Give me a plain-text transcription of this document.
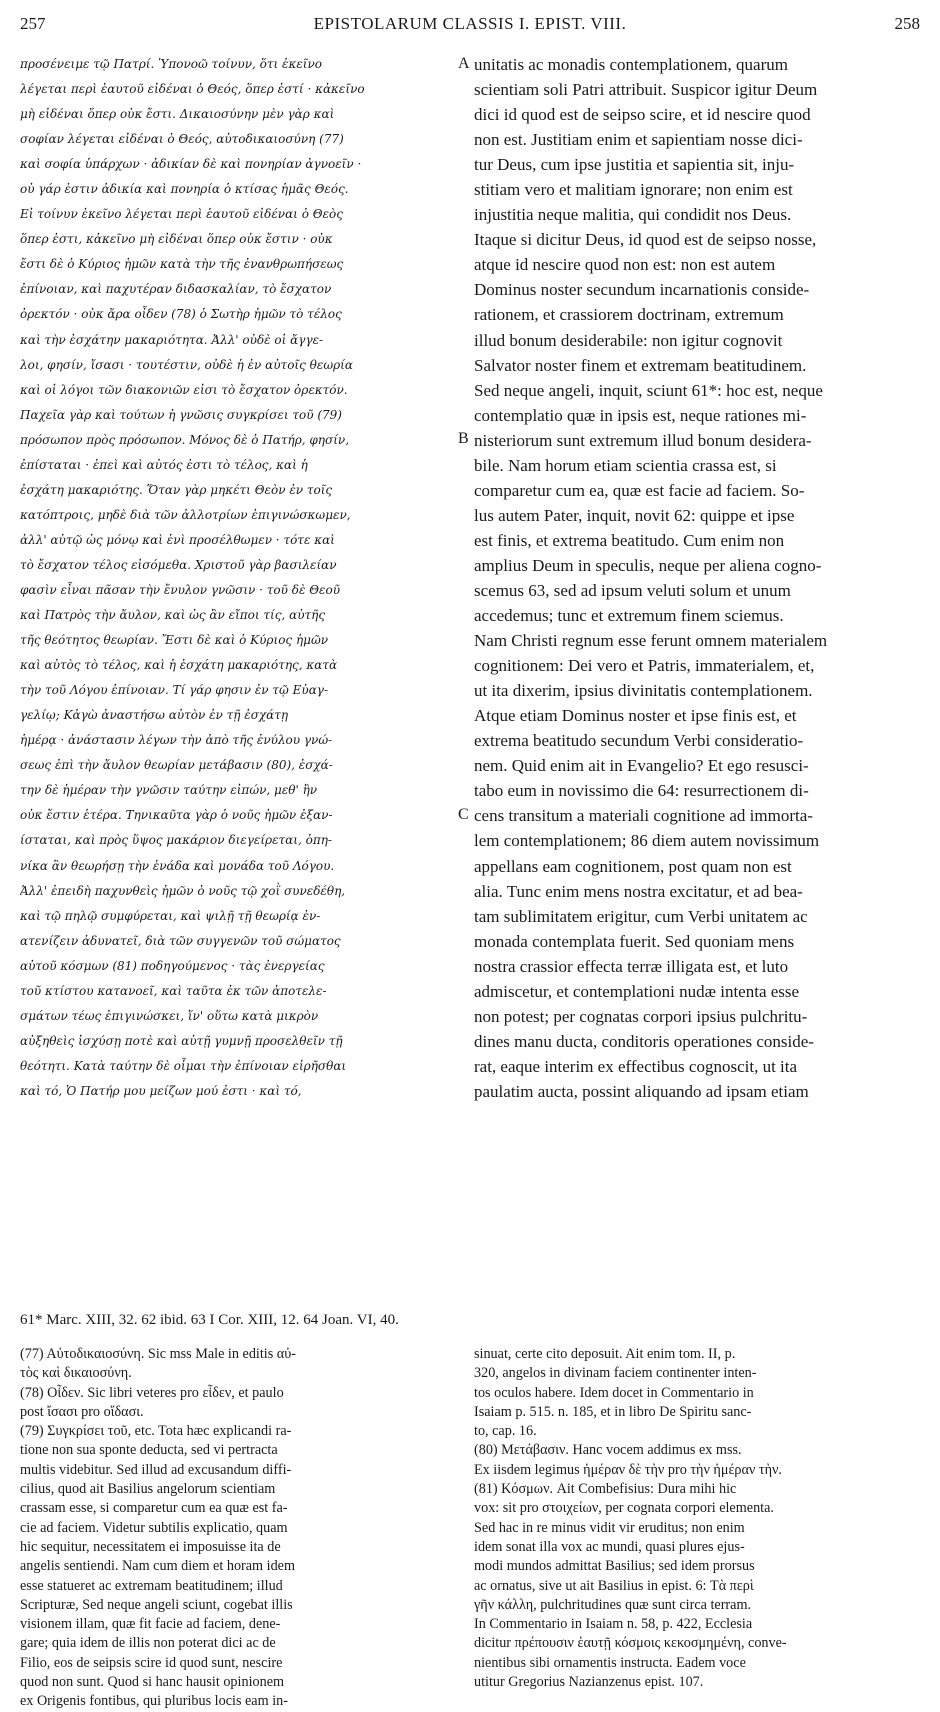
257	EPISTOLARUM CLASSIS I. EPIST. VIII.	258
προσένειμε τῷ Πατρί. Ὑπονοῶ τοίνυν, ὅτι ἐκεῖνο
λέγεται περὶ ἑαυτοῦ εἰδέναι ὁ Θεός, ὅπερ ἐστί · κἀκεῖνο
μὴ εἰδέναι ὅπερ οὐκ ἔστι. Δικαιοσύνην μὲν γὰρ καὶ
σοφίαν λέγεται εἰδέναι ὁ Θεός, αὐτοδικαιοσύνη (77)
καὶ σοφία ὑπάρχων · ἀδικίαν δὲ καὶ πονηρίαν ἀγνοεῖν ·
οὐ γάρ ἐστιν ἀδικία καὶ πονηρία ὁ κτίσας ἡμᾶς Θεός.
Εἰ τοίνυν ἐκεῖνο λέγεται περὶ ἑαυτοῦ εἰδέναι ὁ Θεὸς
ὅπερ ἐστι, κἀκεῖνο μὴ εἰδέναι ὅπερ οὐκ ἔστιν · οὐκ
ἔστι δὲ ὁ Κύριος ἡμῶν κατὰ τὴν τῆς ἐνανθρωπήσεως
ἐπίνοιαν, καὶ παχυτέραν διδασκαλίαν, τὸ ἔσχατον
ὀρεκτόν · οὐκ ἄρα οἶδεν (78) ὁ Σωτὴρ ἡμῶν τὸ τέλος
καὶ τὴν ἐσχάτην μακαριότητα. Ἀλλ' οὐδὲ οἱ ἄγγε-
λοι, φησίν, ἴσασι · τουτέστιν, οὐδὲ ἡ ἐν αὐτοῖς θεωρία
καὶ οἱ λόγοι τῶν διακονιῶν εἰσι τὸ ἔσχατον ὀρεκτόν.
Παχεῖα γὰρ καὶ τούτων ἡ γνῶσις συγκρίσει τοῦ (79)
πρόσωπον πρὸς πρόσωπον. Μόνος δὲ ὁ Πατήρ, φησίν,
ἐπίσταται · ἐπεὶ καὶ αὐτός ἐστι τὸ τέλος, καὶ ἡ
ἐσχάτη μακαριότης. Ὅταν γὰρ μηκέτι Θεὸν ἐν τοῖς
κατόπτροις, μηδὲ διὰ τῶν ἀλλοτρίων ἐπιγινώσκωμεν,
ἀλλ' αὐτῷ ὡς μόνῳ καὶ ἑνὶ προσέλθωμεν · τότε καὶ
τὸ ἔσχατον τέλος εἰσόμεθα. Χριστοῦ γὰρ βασιλείαν
φασὶν εἶναι πᾶσαν τὴν ἔνυλον γνῶσιν · τοῦ δὲ Θεοῦ
καὶ Πατρὸς τὴν ἄυλον, καὶ ὡς ἂν εἴποι τίς, αὐτῆς
τῆς θεότητος θεωρίαν. Ἔστι δὲ καὶ ὁ Κύριος ἡμῶν
καὶ αὐτὸς τὸ τέλος, καὶ ἡ ἐσχάτη μακαριότης, κατὰ
τὴν τοῦ Λόγου ἐπίνοιαν. Τί γάρ φησιν ἐν τῷ Εὐαγ-
γελίῳ; Κἀγὼ ἀναστήσω αὐτὸν ἐν τῇ ἐσχάτῃ
ἡμέρᾳ · ἀνάστασιν λέγων τὴν ἀπὸ τῆς ἐνύλου γνώ-
σεως ἐπὶ τὴν ἄυλον θεωρίαν μετάβασιν (80), ἐσχά-
την δὲ ἡμέραν τὴν γνῶσιν ταύτην εἰπών, μεθ' ἣν
οὐκ ἔστιν ἑτέρα. Τηνικαῦτα γὰρ ὁ νοῦς ἡμῶν ἐξαν-
ίσταται, καὶ πρὸς ὕψος μακάριον διεγείρεται, ὁπη-
νίκα ἂν θεωρήσῃ τὴν ἑνάδα καὶ μονάδα τοῦ Λόγου.
Ἀλλ' ἐπειδὴ παχυνθεὶς ἡμῶν ὁ νοῦς τῷ χοῒ συνεδέθη,
καὶ τῷ πηλῷ συμφύρεται, καὶ ψιλῇ τῇ θεωρίᾳ ἐν-
ατενίζειν ἀδυνατεῖ, διὰ τῶν συγγενῶν τοῦ σώματος
αὐτοῦ κόσμων (81) ποδηγούμενος · τὰς ἐνεργείας
τοῦ κτίστου κατανοεῖ, καὶ ταῦτα ἐκ τῶν ἀποτελε-
σμάτων τέως ἐπιγινώσκει, ἵν' οὕτω κατὰ μικρὸν
αὐξηθεὶς ἰσχύσῃ ποτὲ καὶ αὐτῇ γυμνῇ προσελθεῖν τῇ
θεότητι. Κατὰ ταύτην δὲ οἶμαι τὴν ἐπίνοιαν εἰρῆσθαι
καὶ τό, Ὁ Πατήρ μου μείζων μού ἐστι · καὶ τό,
unitatis ac monadis contemplationem, quarum
scientiam soli Patri attribuit. Suspicor igitur Deum
dici id quod est de seipso scire, et id nescire quod
non est. Justitiam enim et sapientiam nosse dici-
tur Deus, cum ipse justitia et sapientia sit, inju-
stitiam vero et malitiam ignorare; non enim est
injustitia neque malitia, qui condidit nos Deus.
Itaque si dicitur Deus, id quod est de seipso nosse,
atque id nescire quod non est: non est autem
Dominus noster secundum incarnationis conside-
rationem, et crassiorem doctrinam, extremum
illud bonum desiderabile: non igitur cognovit
Salvator noster finem et extremam beatitudinem.
Sed neque angeli, inquit, sciunt 61*: hoc est, neque
contemplatio quæ in ipsis est, neque rationes mi-
nisteriorum sunt extremum illud bonum desidera-
bile. Nam horum etiam scientia crassa est, si
comparetur cum ea, quæ est facie ad faciem. So-
lus autem Pater, inquit, novit 62: quippe et ipse
est finis, et extrema beatitudo. Cum enim non
amplius Deum in speculis, neque per aliena cogno-
scemus 63, sed ad ipsum veluti solum et unum
accedemus; tunc et extremum finem sciemus.
Nam Christi regnum esse ferunt omnem materialem
cognitionem: Dei vero et Patris, immaterialem, et,
ut ita dixerim, ipsius divinitatis contemplationem.
Atque etiam Dominus noster et ipse finis est, et
extrema beatitudo secundum Verbi consideratio-
nem. Quid enim ait in Evangelio? Et ego resusci-
tabo eum in novissimo die 64: resurrectionem di-
cens transitum a materiali cognitione ad immorta-
lem contemplationem; 86 diem autem novissimum
appellans eam cognitionem, post quam non est
alia. Tunc enim mens nostra excitatur, et ad bea-
tam sublimitatem erigitur, cum Verbi unitatem ac
monada contemplata fuerit. Sed quoniam mens
nostra crassior effecta terræ illigata est, et luto
admiscetur, et contemplationi nudæ intenta esse
non potest; per cognatas corpori ipsius pulchritu-
dines manu ducta, conditoris operationes conside-
rat, eaque interim ex effectibus cognoscit, ut ita
paulatim aucta, possint aliquando ad ipsam etiam
A
B
C
61* Marc. XIII, 32. 62 ibid. 63 I Cor. XIII, 12. 64 Joan. VI, 40.
(77) Αὐτοδικαιοσύνη. Sic mss Male in editis αὐ-
τὸς καὶ δικαιοσύνη.
(78) Οἶδεν. Sic libri veteres pro εἶδεν, et paulo
post ἴσασι pro οἴδασι.
(79) Συγκρίσει τοῦ, etc. Tota hæc explicandi ra-
tione non sua sponte deducta, sed vi pertracta
multis videbitur. Sed illud ad excusandum diffi-
cilius, quod ait Basilius angelorum scientiam
crassam esse, si comparetur cum ea quæ est fa-
cie ad faciem. Videtur subtilis explicatio, quam
hic sequitur, necessitatem ei imposuisse ita de
angelis sentiendi. Nam cum diem et horam idem
esse statueret ac extremam beatitudinem; illud
Scripturæ, Sed neque angeli sciunt, cogebat illis
visionem illam, quæ fit facie ad faciem, dene-
gare; quia idem de illis non poterat dici ac de
Filio, eos de seipsis scire id quod sunt, nescire
quod non sunt. Quod si hanc hausit opinionem
ex Origenis fontibus, qui pluribus locis eam in-
sinuat, certe cito deposuit. Ait enim tom. II, p.
320, angelos in divinam faciem continenter inten-
tos oculos habere. Idem docet in Commentario in
Isaiam p. 515. n. 185, et in libro De Spiritu sanc-
to, cap. 16.
(80) Μετάβασιν. Hanc vocem addimus ex mss.
Ex iisdem legimus ἡμέραν δὲ τὴν pro τὴν ἡμέραν τὴν.
(81) Κόσμων. Ait Combefisius: Dura mihi hic
vox: sit pro στοιχείων, per cognata corpori elementa.
Sed hac in re minus vidit vir eruditus; non enim
idem sonat illa vox ac mundi, quasi plures ejus-
modi mundos admittat Basilius; sed idem prorsus
ac ornatus, sive ut ait Basilius in epist. 6: Τὰ περὶ
γῆν κάλλη, pulchritudines quæ sunt circa terram.
In Commentario in Isaiam n. 58, p. 422, Ecclesia
dicitur πρέπουσιν ἑαυτῇ κόσμοις κεκοσμημένη, conve-
nientibus sibi ornamentis instructa. Eadem voce
utitur Gregorius Nazianzenus epist. 107.
